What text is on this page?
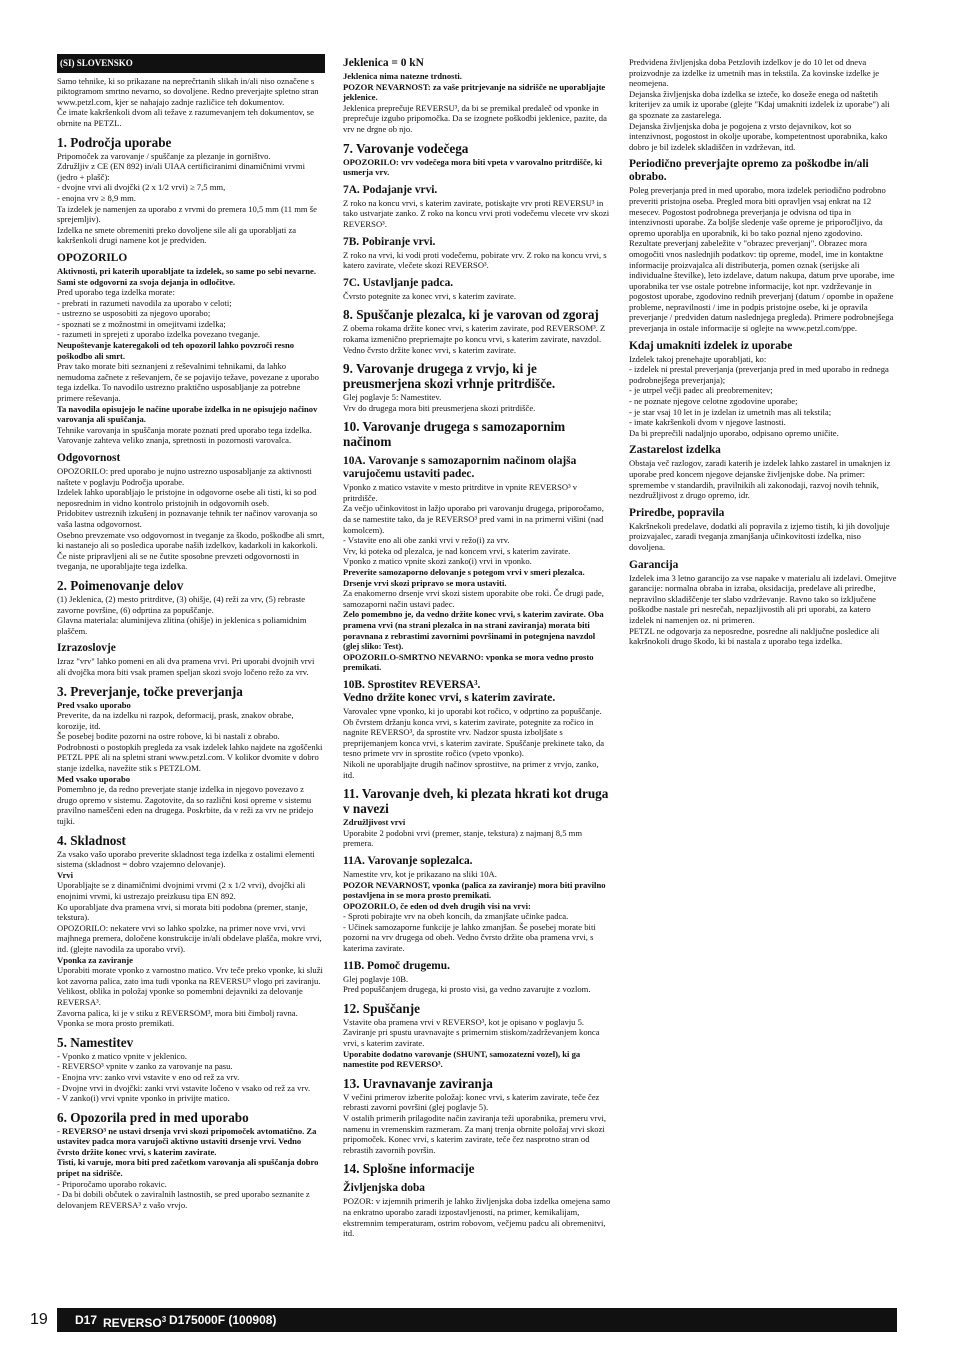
(SI) SLOVENSKO

Samo tehnike, ki so prikazane na neprečrtanih slikah in/ali niso označene s piktogramom smrtno nevarno, so dovoljene. Redno preverjajte spletno stran www.petzl.com, kjer se nahajajo zadnje različice teh dokumentov.
Če imate kakršenkoli dvom ali težave z razumevanjem teh dokumentov, se obrnite na PETZL.

1. Področja uporabe

Pripomoček za varovanje / spuščanje za plezanje in gorništvo.
Združljiv z CE (EN 892) in/ali UIAA certificiranimi dinamičnimi vrvmi (jedro + plašč):
- dvojne vrvi ali dvojčki (2 x 1/2 vrvi) ≥ 7,5 mm,
- enojna vrv ≥ 8,9 mm.
Ta izdelek je namenjen za uporabo z vrvmi do premera 10,5 mm (11 mm še sprejemljiv).
Izdelka ne smete obremeniti preko dovoljene sile ali ga uporabljati za kakršenkoli drugi namene kot je predviden.

OPOZORILO

Aktivnosti, pri katerih uporabljate ta izdelek, so same po sebi nevarne.
Sami ste odgovorni za svoja dejanja in odločitve.

Pred uporabo tega izdelka morate:
- prebrati in razumeti navodila za uporabo v celoti;
- ustrezno se usposobiti za njegovo uporabo;
- spoznati se z možnostmi in omejitvami izdelka;
- razumeti in sprejeti z uporabo izdelka povezano tveganje.

Neupoštevanje kateregakoli od teh opozoril lahko povzroči resno poškodbo ali smrt.

Prav tako morate biti seznanjeni z reševalnimi tehnikami, da lahko nemudoma začnete z reševanjem, če se pojavijo težave, povezane z uporabo tega izdelka. To navodilo ustrezno praktično usposabljanje za potrebne primere reševanja.

Ta navodila opisujejo le načine uporabe izdelka in ne opisujejo načinov varovanja ali spuščanja.

Tehnike varovanja in spuščanja morate poznati pred uporabo tega izdelka. Varovanje zahteva veliko znanja, spretnosti in pozornosti varovalca.

Odgovornost

OPOZORILO: pred uporabo je nujno ustrezno usposabljanje za aktivnosti naštete v poglavju Področja uporabe.
Izdelek lahko uporabljajo le pristojne in odgovorne osebe ali tisti, ki so pod neposrednim in vidno kontrolo pristojnih in odgovornih oseb.
Pridobitev ustreznih izkušenj in poznavanje tehnik ter načinov varovanja so vaša lastna odgovornost.
Osebno prevzemate vso odgovornost in tveganje za škodo, poškodbe ali smrt, ki nastanejo ali so posledica uporabe naših izdelkov, kadarkoli in kakorkoli. Če niste pripravljeni ali se ne čutite sposobne prevzeti odgovornosti in tveganja, ne uporabljajte tega izdelka.

2. Poimenovanje delov

(1) Jeklenica, (2) mesto pritrditve, (3) ohišje, (4) reži za vrv, (5) rebraste zavorne površine, (6) odprtina za popuščanje.
Glavna materiala: aluminijeva zlitina (ohišje) in jeklenica s poliamidnim plaščem.

Izrazoslovje

Izraz "vrv" lahko pomeni en ali dva pramena vrvi. Pri uporabi dvojnih vrvi ali dvojčka mora biti vsak pramen speljan skozi svojo ločeno režo za vrv.

3. Preverjanje, točke preverjanja

Pred vsako uporabo

Preverite, da na izdelku ni razpok, deformacij, prask, znakov obrabe, korozije, itd.
Še posebej bodite pozorni na ostre robove, ki bi nastali z obrabo.
Podrobnosti o postopkih pregleda za vsak izdelek lahko najdete na zgoščenki PETZL PPE ali na spletni strani www.petzl.com. V kolikor dvomite v dobro stanje izdelka, navežite stik s PETZLOM.

Med vsako uporabo

Pomembno je, da redno preverjate stanje izdelka in njegovo povezavo z drugo opremo v sistemu. Zagotovite, da so različni kosi opreme v sistemu pravilno nameščeni eden na drugega. Poskrbite, da v reži za vrv ne pridejo tujki.

4. Skladnost

Za vsako vašo uporabo preverite skladnost tega izdelka z ostalimi elementi sistema (skladnost = dobro vzajemno delovanje).

Vrvi

Uporabljajte se z dinamičnimi dvojnimi vrvmi (2 x 1/2 vrvi), dvojčki ali enojnimi vrvmi, ki ustrezajo preizkusu tipa EN 892.
Ko uporabljate dva pramena vrvi, si morata biti podobna (premer, stanje, tekstura).
OPOZORILO: nekatere vrvi so lahko spolzke, na primer nove vrvi, vrvi majhnega premera, določene konstrukcije in/ali obdelave plašča, mokre vrvi, itd. (glejte navodila za uporabo vrvi).

Vponka za zaviranje

Uporabiti morate vponko z varnostno matico. Vrv teče preko vponke, ki služi kot zavorna palica, zato ima tudi vponka na REVERSU³ vlogo pri zaviranju. Velikost, oblika in položaj vponke so pomembni dejavniki za delovanje REVERSA³.
Zavorna palica, ki je v stiku z REVERSOM³, mora biti čimbolj ravna. Vponka se mora prosto premikati.

5. Namestitev

- Vponko z matico vpnite v jeklenico.
- REVERSO³ vpnite v zanko za varovanje na pasu.
- Enojna vrv: zanko vrvi vstavite v eno od rež za vrv.
- Dvojne vrvi in dvojčki: zanki vrvi vstavite ločeno v vsako od rež za vrv.
- V zanko(i) vrvi vpnite vponko in privijte matico.

6. Opozorila pred in med uporabo

- REVERSO³ ne ustavi drsenja vrvi skozi pripomoček avtomatično. Za ustavitev padca mora varujoči aktivno ustaviti drsenje vrvi. Vedno čvrsto držite konec vrvi, s katerim zavirate.
Tisti, ki varuje, mora biti pred začetkom varovanja ali spuščanja dobro pripet na sidrišče.

- Priporočamo uporabo rokavic.
- Da bi dobili občutek o zaviralnih lastnostih, se pred uporabo seznanite z delovanjem REVERSA³ z vašo vrvjo.

Jeklenica = 0 kN

Jeklenica nima natezne trdnosti.
POZOR NEVARNOST: za vaše pritrjevanje na sidrišče ne uporabljajte jeklenice.

Jeklenica preprečuje REVERSU³, da bi se premikal predaleč od vponke in preprečuje izgubo pripomočka. Da se izognete poškodbi jeklenice, pazite, da vrv ne drgne ob njo.

7. Varovanje vodečega

OPOZORILO: vrv vodečega mora biti vpeta v varovalno pritrdišče, ki usmerja vrv.

7A. Podajanje vrvi.

Z roko na koncu vrvi, s katerim zavirate, potiskajte vrv proti REVERSU³ in tako ustvarjate zanko. Z roko na koncu vrvi proti vodečemu vlecete vrv skozi REVERSO³.

7B. Pobiranje vrvi.

Z roko na vrvi, ki vodi proti vodečemu, pobirate vrv. Z roko na koncu vrvi, s katero zavirate, vlečete skozi REVERSO³.

7C. Ustavljanje padca.

Čvrsto potegnite za konec vrvi, s katerim zavirate.

8. Spuščanje plezalca, ki je varovan od zgoraj

Z obema rokama držite konec vrvi, s katerim zavirate, pod REVERSOM³. Z rokama izmenično prepriemajte po koncu vrvi, s katerim zavirate, navzdol. Vedno čvrsto držite konec vrvi, s katerim zavirate.

9. Varovanje drugega z vrvjo, ki je preusmerjena skozi vrhnje pritrdišče.

Glej poglavje 5: Namestitev.
Vrv do drugega mora biti preusmerjena skozi pritrdišče.

10. Varovanje drugega s samozapornim načinom
10A. Varovanje s samozapornim načinom olajša varujočemu ustaviti padec.

Vponko z matico vstavite v mesto pritrditve in vpnite REVERSO³ v pritrdišče.
Za večjo učinkovitost in lažjo uporabo pri varovanju drugega, priporočamo, da se namestite tako, da je REVERSO³ pred vami in na primerni višini (nad komolcem).
- Vstavite eno ali obe zanki vrvi v režo(i) za vrv.
Vrv, ki poteka od plezalca, je nad koncem vrvi, s katerim zavirate.
Vponko z matico vpnite skozi zanko(i) vrvi in vponko.

Preverite samozaporno delovanje s potegom vrvi v smeri plezalca. Drsenje vrvi skozi pripravo se mora ustaviti.

Za enakomerno drsenje vrvi skozi sistem uporabite obe roki. Če drugi pade, samozaporni način ustavi padec.

Zelo pomembno je, da vedno držite konec vrvi, s katerim zavirate. Oba pramena vrvi (na strani plezalca in na strani zaviranja) morata biti poravnana z rebrastimi zavornimi površinami in potegnjena navzdol (glej sliko: Test).
OPOZORILO-SMRTNO NEVARNO: vponka se mora vedno prosto premikati.

10B. Sprostitev REVERSA³.
Vedno držite konec vrvi, s katerim zavirate.

Varovalec vpne vponko, ki jo uporabi kot ročico, v odprtino za popuščanje.
Ob čvrstem držanju konca vrvi, s katerim zavirate, potegnite za ročico in nagnite REVERSO³, da sprostite vrv. Nadzor spusta izboljšate s preprijemanjem konca vrvi, s katerim zavirate. Spuščanje prekinete tako, da tesno primete vrv in sprostite ročico (vpeto vponko).
Nikoli ne uporabljajte drugih načinov sprostitve, na primer z vrvjo, zanko, itd.

11. Varovanje dveh, ki plezata hkrati kot druga v navezi

Združljivost vrvi

Uporabite 2 podobni vrvi (premer, stanje, tekstura) z najmanj 8,5 mm premera.

11A. Varovanje soplezalca.

Namestite vrv, kot je prikazano na sliki 10A.

POZOR NEVARNOST, vponka (palica za zaviranje) mora biti pravilno postavljena in se mora prosto premikati.
OPOZORILO, če eden od dveh drugih visi na vrvi:

- Sproti pobirajte vrv na obeh koncih, da zmanjšate učinke padca.
- Učinek samozaporne funkcije je lahko zmanjšan. Še posebej morate biti pozorni na vrv drugega od obeh. Vedno čvrsto držite oba pramena vrvi, s katerima zavirate.

11B. Pomoč drugemu.

Glej poglavje 10B.
Pred popuščanjem drugega, ki prosto visi, ga vedno zavarujte z vozlom.

12. Spuščanje

Vstavite oba pramena vrvi v REVERSO³, kot je opisano v poglavju 5. Zaviranje pri spustu uravnavajte s primernim stiskom/zadrževanjem konca vrvi, s katerim zavirate.

Uporabite dodatno varovanje (SHUNT, samozatezni vozel), ki ga namestite pod REVERSO³.

13. Uravnavanje zaviranja

V večini primerov izberite položaj: konec vrvi, s katerim zavirate, teče čez rebrasti zavorni površini (glej poglavje 5).
V ostalih primerih prilagodite način zaviranja teži uporabnika, premeru vrvi, namenu in vremenskim razmeram. Za manj trenja obrnite položaj vrvi skozi pripomoček. Konec vrvi, s katerim zavirate, teče čez nasprotno stran od rebrastih zavornih površin.

14. Splošne informacije
Življenjska doba

POZOR: v izjemnih primerih je lahko življenjska doba izdelka omejena samo na enkratno uporabo zaradi izpostavljenosti, na primer, kemikalijam, ekstremnim temperaturam, ostrim robovom, večjemu padcu ali obremenitvi, itd.

Predvidena življenjska doba Petzlovih izdelkov je do 10 let od dneva proizvodnje za izdelke iz umetnih mas in tekstila. Za kovinske izdelke je neomejena.
Dejanska življenjska doba izdelka se izteče, ko doseže enega od naštetih kriterijev za umik iz uporabe (glejte "Kdaj umakniti izdelek iz uporabe") ali ga spoznate za zastarelega.
Dejanska življenjska doba je pogojena z vrsto dejavnikov, kot so intenzivnost, pogostost in okolje uporabe, kompetentnost uporabnika, kako dobro je bil izdelek skladiščen in vzdrževan, itd.

Periodično preverjajte opremo za poškodbe in/ali obrabo.

Poleg preverjanja pred in med uporabo, mora izdelek periodično podrobno preveriti pristojna oseba. Pregled mora biti opravljen vsaj enkrat na 12 mesecev. Pogostost podrobnega preverjanja je odvisna od tipa in intenzivnosti uporabe. Za boljše sledenje vaše opreme je priporočljivo, da opremo uporablja en uporabnik, ki bo tako poznal njeno zgodovino. Rezultate preverjanj zabeležite v "obrazec preverjanj". Obrazec mora omogočiti vnos naslednjih podatkov: tip opreme, model, ime in kontaktne informacije proizvajalca ali distributerja, pomen oznak (serijske ali individualne številke), leto izdelave, datum nakupa, datum prve uporabe, ime uporabnika ter vse ostale potrebne informacije, kot npr. vzdrževanje in pogostost uporabe, zgodovino rednih preverjanj (datum / opombe in opažene probleme, nepravilnosti / ime in podpis pristojne osebe, ki je opravila preverjanje / predviden datum naslednjega pregleda). Primere podrobnejšega preverjanja in ostale informacije si oglejte na www.petzl.com/ppe.

Kdaj umakniti izdelek iz uporabe

Izdelek takoj prenehajte uporabljati, ko:
- izdelek ni prestal preverjanja (preverjanja pred in med uporabo in rednega podrobnejšega preverjanja);
- je utrpel večji padec ali preobremenitev;
- ne poznate njegove celotne zgodovine uporabe;
- je star vsaj 10 let in je izdelan iz umetnih mas ali tekstila;
- imate kakršenkoli dvom v njegove lastnosti.
Da bi preprečili nadaljnjo uporabo, odpisano opremo uničite.

Zastarelost izdelka

Obstaja več razlogov, zaradi katerih je izdelek lahko zastarel in umaknjen iz uporabe pred koncem njegove dejanske življenjske dobe. Na primer: spremembe v standardih, pravilnikih ali zakonodaji, razvoj novih tehnik, nezdružljivost z drugo opremo, idr.

Priredbe, popravila

Kakršnekoli predelave, dodatki ali popravila z izjemo tistih, ki jih dovoljuje proizvajalec, zaradi tveganja zmanjšanja učinkovitosti izdelka, niso dovoljena.

Garancija

Izdelek ima 3 letno garancijo za vse napake v materialu ali izdelavi. Omejitve garancije: normalna obraba in izraba, oksidacija, predelave ali priredbe, nepravilno skladiščenje ter slabo vzdrževanje. Ravno tako so izključene poškodbe nastale pri nesrečah, nepazljivostih ali pri uporabi, za katero izdelek ni namenjen oz. ni primeren.
PETZL ne odgovarja za neposredne, posredne ali naključne posledice ali kakršnokoli drugo škodo, ki bi nastala z uporabo tega izdelka.

19 D17 REVERSO$^3$ D175000F (100908)
